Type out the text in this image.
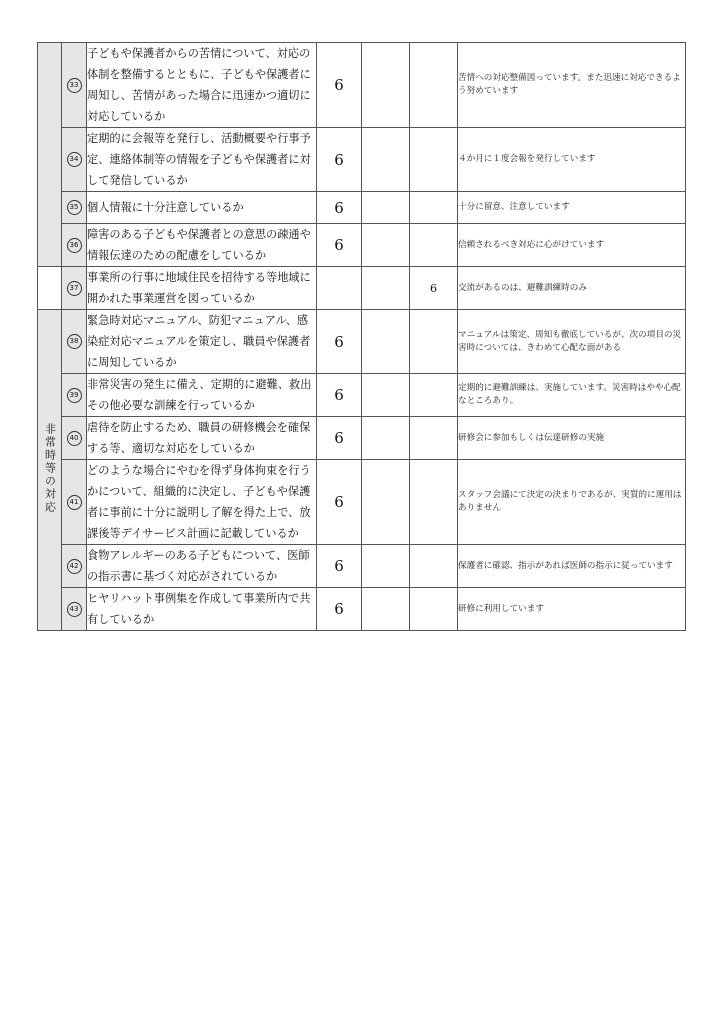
	33	子どもや保護者からの苦情について、対応の体制を整備するとともに、子どもや保護者に周知し、苦情があった場合に迅速かつ適切に対応しているか	6			苦情への対応整備図っています。また迅速に対応できるよう努めています
	34	定期的に会報等を発行し、活動概要や行事予定、連絡体制等の情報を子どもや保護者に対して発信しているか	6			４か月に１度会報を発行しています
	35	個人情報に十分注意しているか	6			十分に留意、注意しています
	36	障害のある子どもや保護者との意思の疎通や情報伝達のための配慮をしているか	6			信頼されるべき対応に心がけています
	37	事業所の行事に地域住民を招待する等地域に開かれた事業運営を図っているか			6	交流があるのは、避難訓練時のみ
非常時等の対応	38	緊急時対応マニュアル、防犯マニュアル、感染症対応マニュアルを策定し、職員や保護者に周知しているか	6			マニュアルは策定、周知も徹底しているが、次の項目の災害時については、きわめて心配な面がある
	39	非常災害の発生に備え、定期的に避難、救出その他必要な訓練を行っているか	6			定期的に避難訓練は、実施しています。災害時はやや心配なところあり。
	40	虐待を防止するため、職員の研修機会を確保する等、適切な対応をしているか	6			研修会に参加もしくは伝達研修の実施
	41	どのような場合にやむを得ず身体拘束を行うかについて、組織的に決定し、子どもや保護者に事前に十分に説明し了解を得た上で、放課後等デイサービス計画に記載しているか	6			スタッフ会議にて決定の決まりであるが、実質的に運用はありません
	42	食物アレルギーのある子どもについて、医師の指示書に基づく対応がされているか	6			保護者に確認、指示があれば医師の指示に従っています
	43	ヒヤリハット事例集を作成して事業所内で共有しているか	6			研修に利用しています
